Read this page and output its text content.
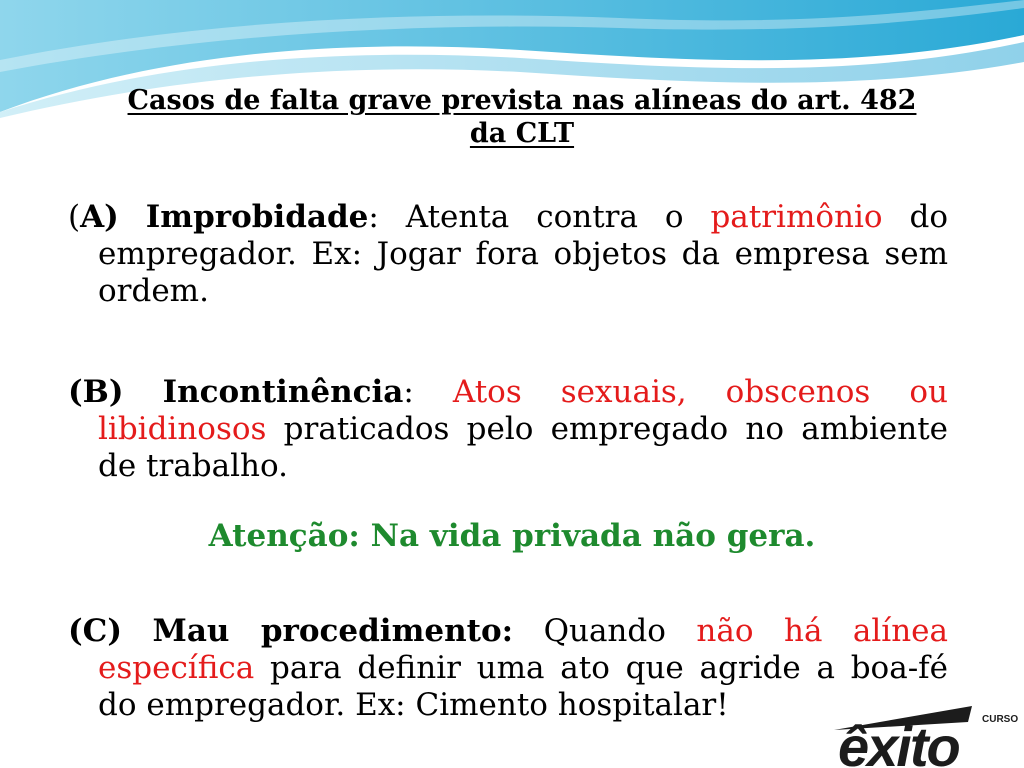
Casos de falta grave prevista nas alíneas do art. 482
da CLT
(A) Improbidade: Atenta contra o patrimônio do empregador. Ex: Jogar fora objetos da empresa sem ordem.
(B) Incontinência: Atos sexuais, obscenos ou libidinosos praticados pelo empregado no ambiente de trabalho.
Atenção: Na vida privada não gera.
(C) Mau procedimento: Quando não há alínea específica para definir uma ato que agride a boa-fé do empregador. Ex: Cimento hospitalar!	CURSO
êxito
